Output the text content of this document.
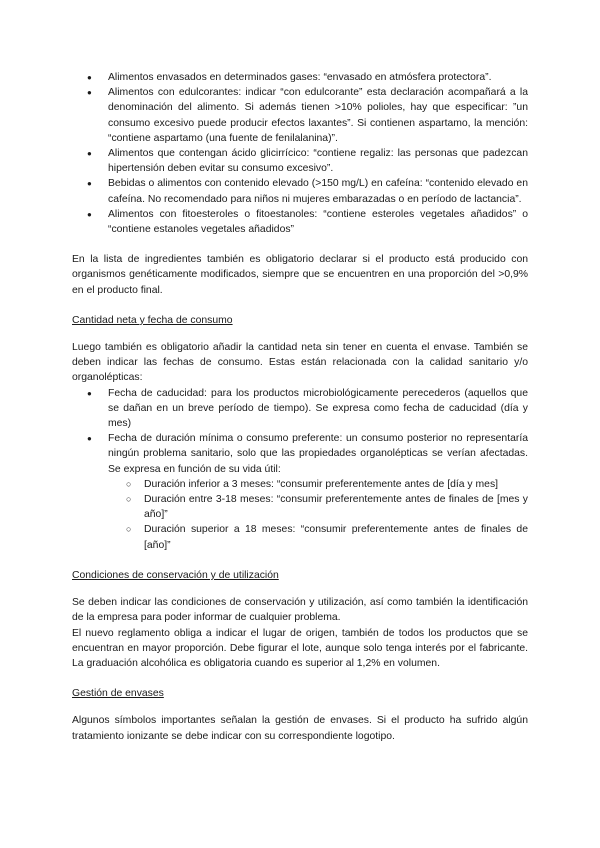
● Alimentos envasados en determinados gases: “envasado en atmósfera protectora”.
● Alimentos con edulcorantes: indicar “con edulcorante” esta declaración acompañará a la denominación del alimento. Si además tienen >10% polioles, hay que especificar: ”un consumo excesivo puede producir efectos laxantes”. Si contienen aspartamo, la mención: “contiene aspartamo (una fuente de fenilalanina)”.
● Alimentos que contengan ácido glicirrícico: “contiene regaliz: las personas que padezcan hipertensión deben evitar su consumo excesivo”.
● Bebidas o alimentos con contenido elevado (>150 mg/L) en cafeína: “contenido elevado en cafeína. No recomendado para niños ni mujeres embarazadas o en período de lactancia”.
● Alimentos con fitoesteroles o fitoestanoles: “contiene esteroles vegetales añadidos” o “contiene estanoles vegetales añadidos”

En la lista de ingredientes también es obligatorio declarar si el producto está producido con organismos genéticamente modificados, siempre que se encuentren en una proporción del >0,9% en el producto final.

Cantidad neta y fecha de consumo

Luego también es obligatorio añadir la cantidad neta sin tener en cuenta el envase. También se deben indicar las fechas de consumo. Estas están relacionada con la calidad sanitario y/o organolépticas:

● Fecha de caducidad: para los productos microbiológicamente perecederos (aquellos que se dañan en un breve período de tiempo). Se expresa como fecha de caducidad (día y mes)
● Fecha de duración mínima o consumo preferente: un consumo posterior no representaría ningún problema sanitario, solo que las propiedades organolépticas se verían afectadas. Se expresa en función de su vida útil:
○ Duración inferior a 3 meses: “consumir preferentemente antes de [día y mes]
○ Duración entre 3-18 meses: “consumir preferentemente antes de finales de [mes y año]”
○ Duración superior a 18 meses: “consumir preferentemente antes de finales de [año]”

Condiciones de conservación y de utilización

Se deben indicar las condiciones de conservación y utilización, así como también la identificación de la empresa para poder informar de cualquier problema.

El nuevo reglamento obliga a indicar el lugar de origen, también de todos los productos que se encuentran en mayor proporción. Debe figurar el lote, aunque solo tenga interés por el fabricante. La graduación alcohólica es obligatoria cuando es superior al 1,2% en volumen.

Gestión de envases

Algunos símbolos importantes señalan la gestión de envases. Si el producto ha sufrido algún tratamiento ionizante se debe indicar con su correspondiente logotipo.
